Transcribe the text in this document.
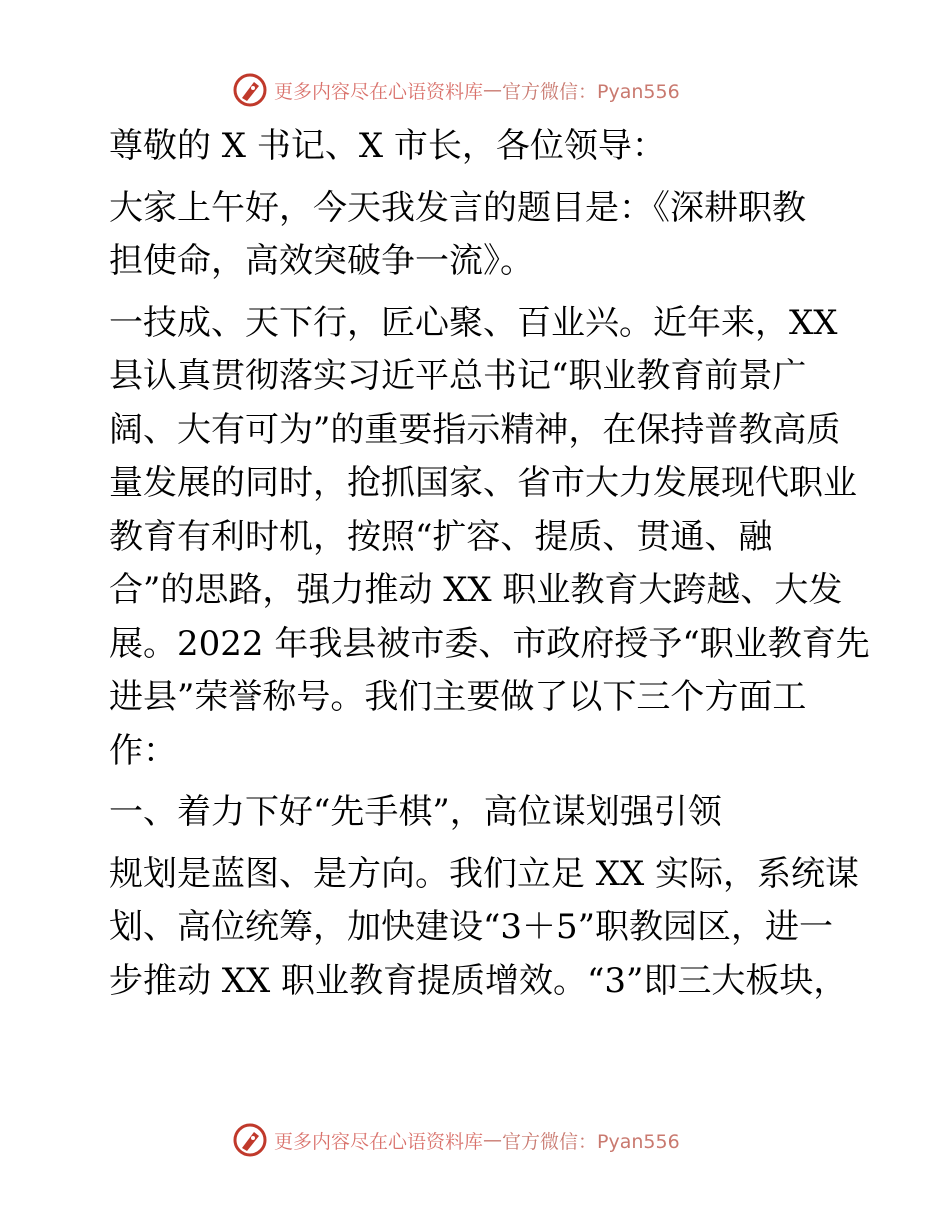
更多内容尽在心语资料库 — 官方微信：Pyan556
尊敬的 X 书记、X 市长，各位领导：
大家上午好，今天我发言的题目是：《深耕职教
担使命，高效突破争一流》。
一技成、天下行，匠心聚、百业兴。近年来，XX
县认真贯彻落实习近平总书记“职业教育前景广
阔、大有可为”的重要指示精神，在保持普教高质
量发展的同时，抢抓国家、省市大力发展现代职业
教育有利时机，按照“扩容、提质、贯通、融
合”的思路，强力推动 XX 职业教育大跨越、大发
展。2022 年我县被市委、市政府授予“职业教育先
进县”荣誉称号。我们主要做了以下三个方面工
作：
一、着力下好“先手棋”，高位谋划强引领
规划是蓝图、是方向。我们立足 XX 实际，系统谋
划、高位统筹，加快建设“3＋5”职教园区，进一
步推动 XX 职业教育提质增效。“3”即三大板块，
更多内容尽在心语资料库 — 官方微信：Pyan556
